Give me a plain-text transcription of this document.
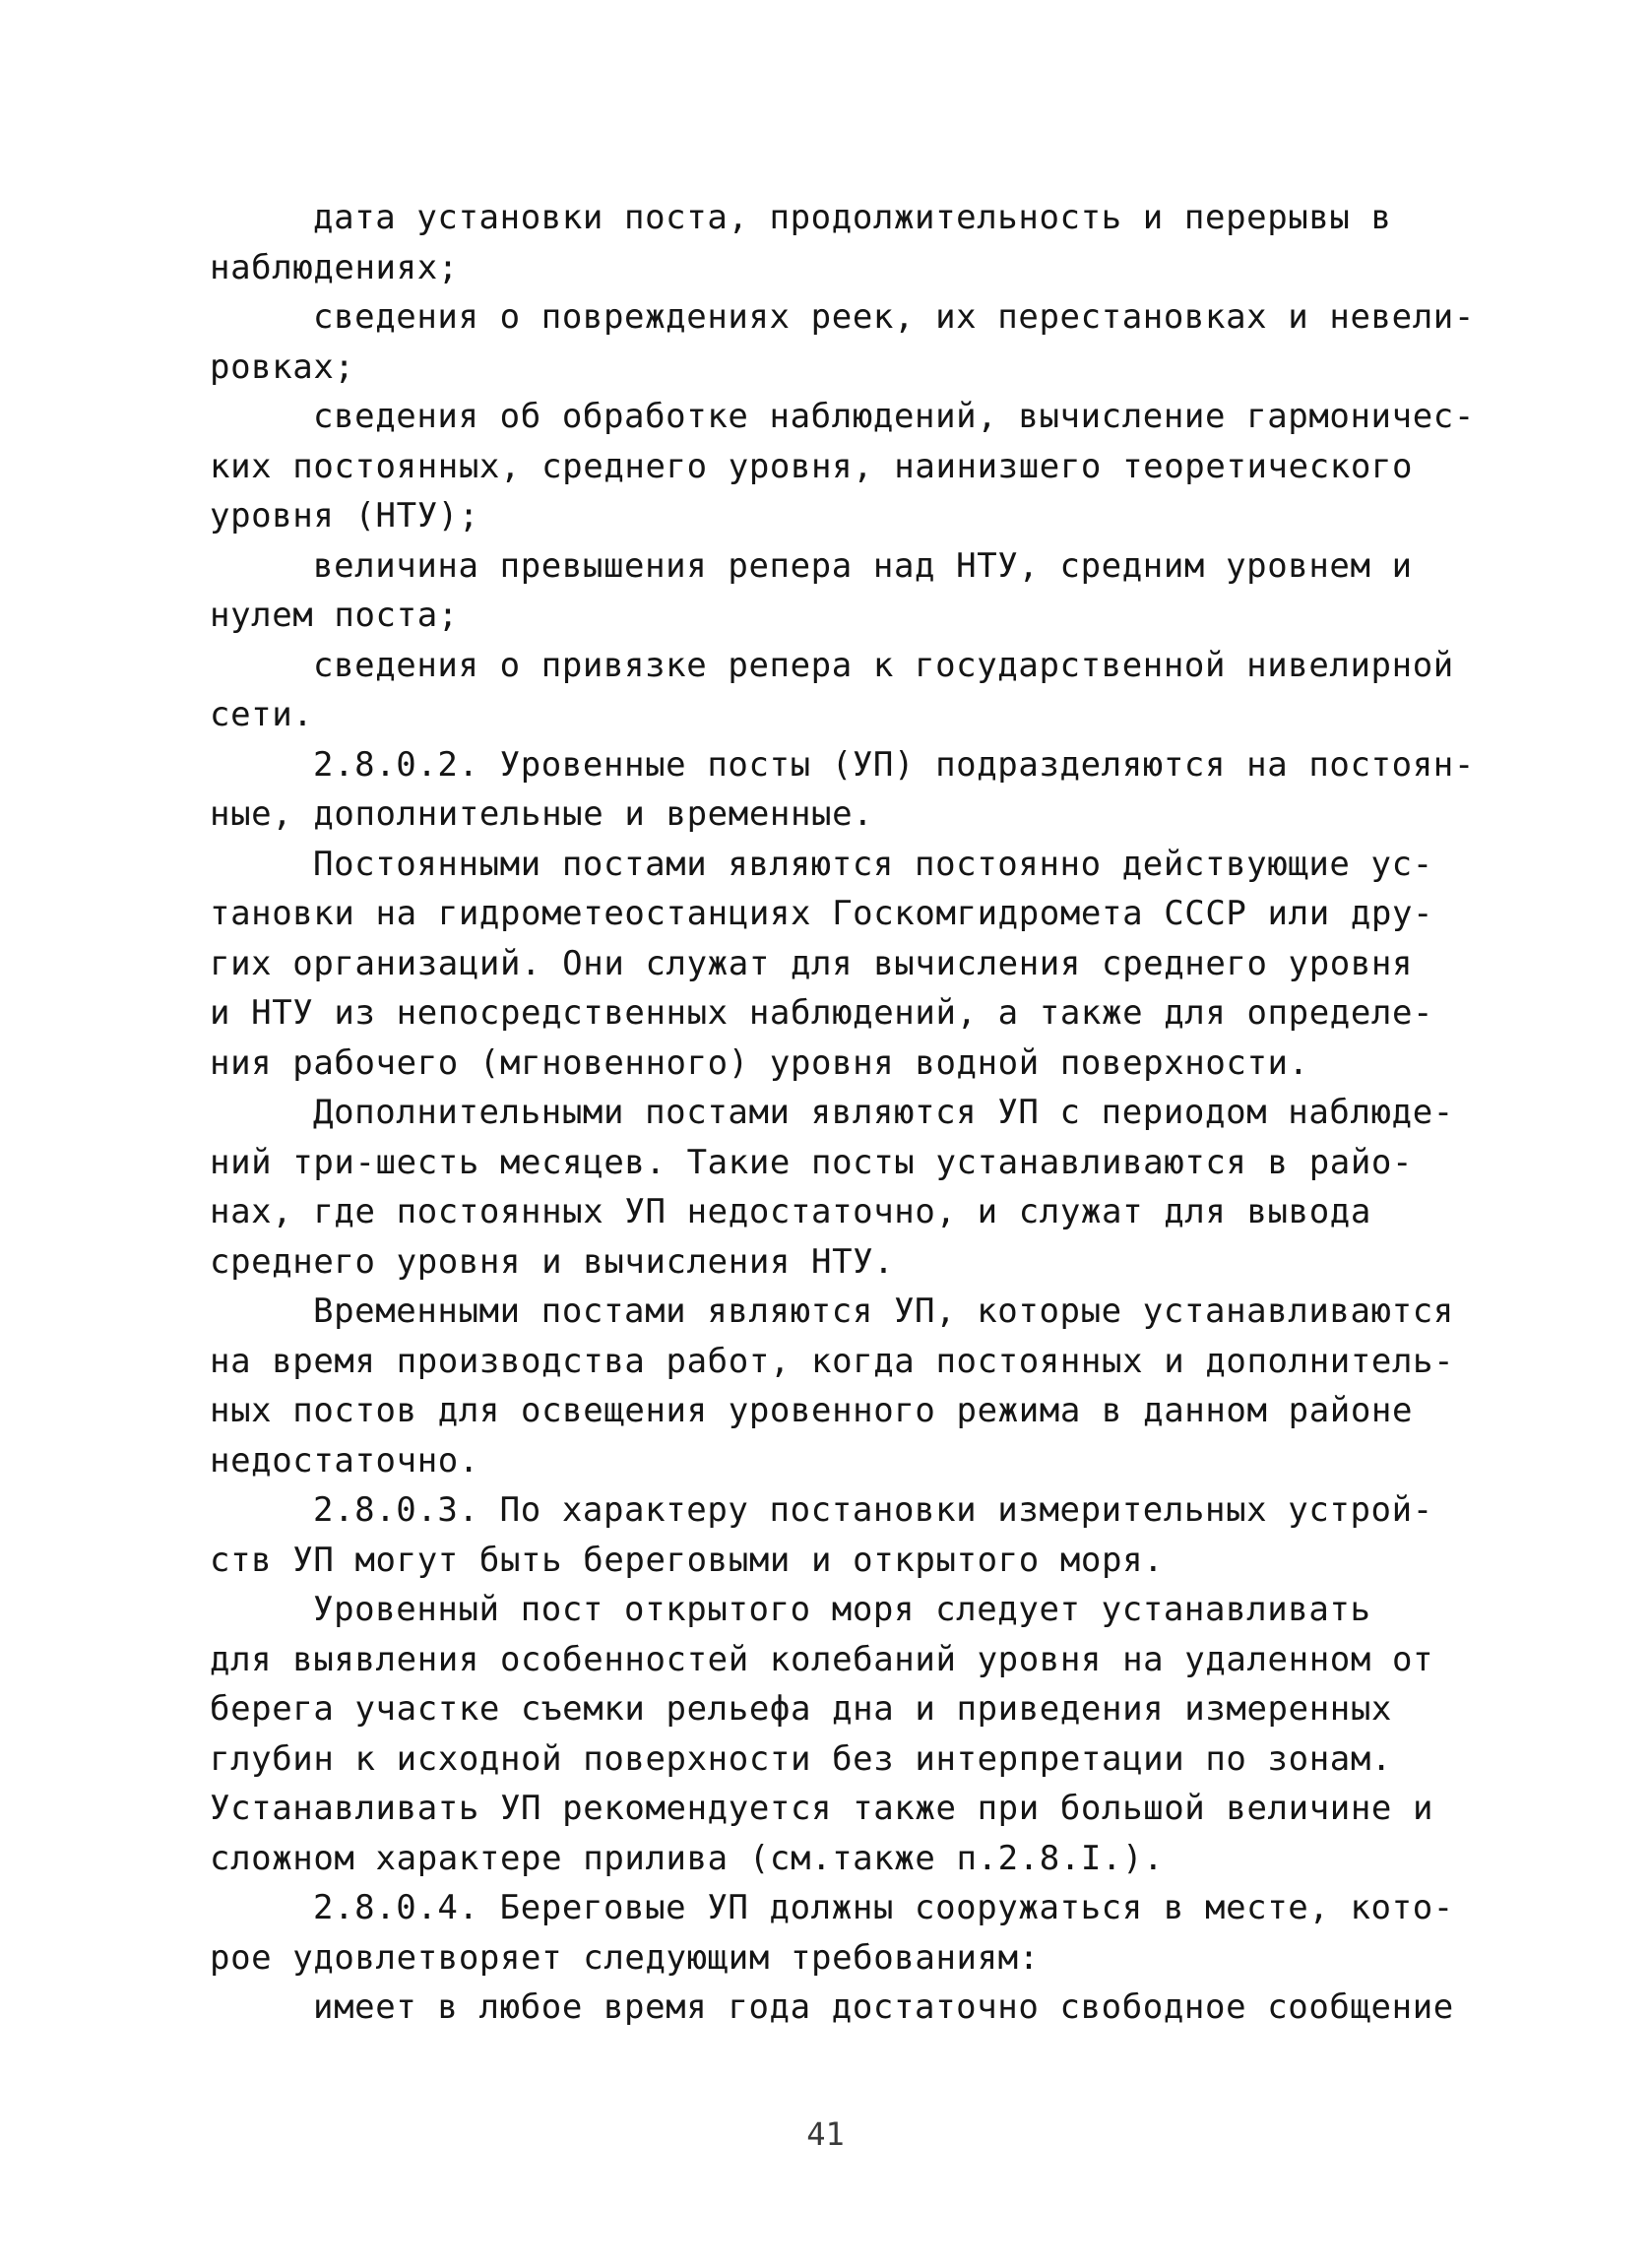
дата установки поста, продолжительность и перерывы в
наблюдениях;
сведения о повреждениях реек, их перестановках и невели-
ровках;
сведения об обработке наблюдений, вычисление гармоничес-
ких постоянных, среднего уровня, наинизшего теоретического
уровня (НТУ);
величина превышения репера над НТУ, средним уровнем и
нулем поста;
сведения о привязке репера к государственной нивелирной
сети.
2.8.0.2. Уровенные посты (УП) подразделяются на постоян-
ные, дополнительные и временные.
Постоянными постами являются постоянно действующие ус-
тановки на гидрометеостанциях Госкомгидромета СССР или дру-
гих организаций. Они служат для вычисления среднего уровня
и НТУ из непосредственных наблюдений, а также для определе-
ния рабочего (мгновенного) уровня водной поверхности.
Дополнительными постами являются УП с периодом наблюде-
ний три-шесть месяцев. Такие посты устанавливаются в райо-
нах, где постоянных УП недостаточно, и служат для вывода
среднего уровня и вычисления НТУ.
Временными постами являются УП, которые устанавливаются
на время производства работ, когда постоянных и дополнитель-
ных постов для освещения уровенного режима в данном районе
недостаточно.
2.8.0.3. По характеру постановки измерительных устрой-
ств УП могут быть береговыми и открытого моря.
Уровенный пост открытого моря следует устанавливать
для выявления особенностей колебаний уровня на удаленном от
берега участке съемки рельефа дна и приведения измеренных
глубин к исходной поверхности без интерпретации по зонам.
Устанавливать УП рекомендуется также при большой величине и
сложном характере прилива (см.также п.2.8.I.).
2.8.0.4. Береговые УП должны сооружаться в месте, кото-
рое удовлетворяет следующим требованиям:
имеет в любое время года достаточно свободное сообщение
41
